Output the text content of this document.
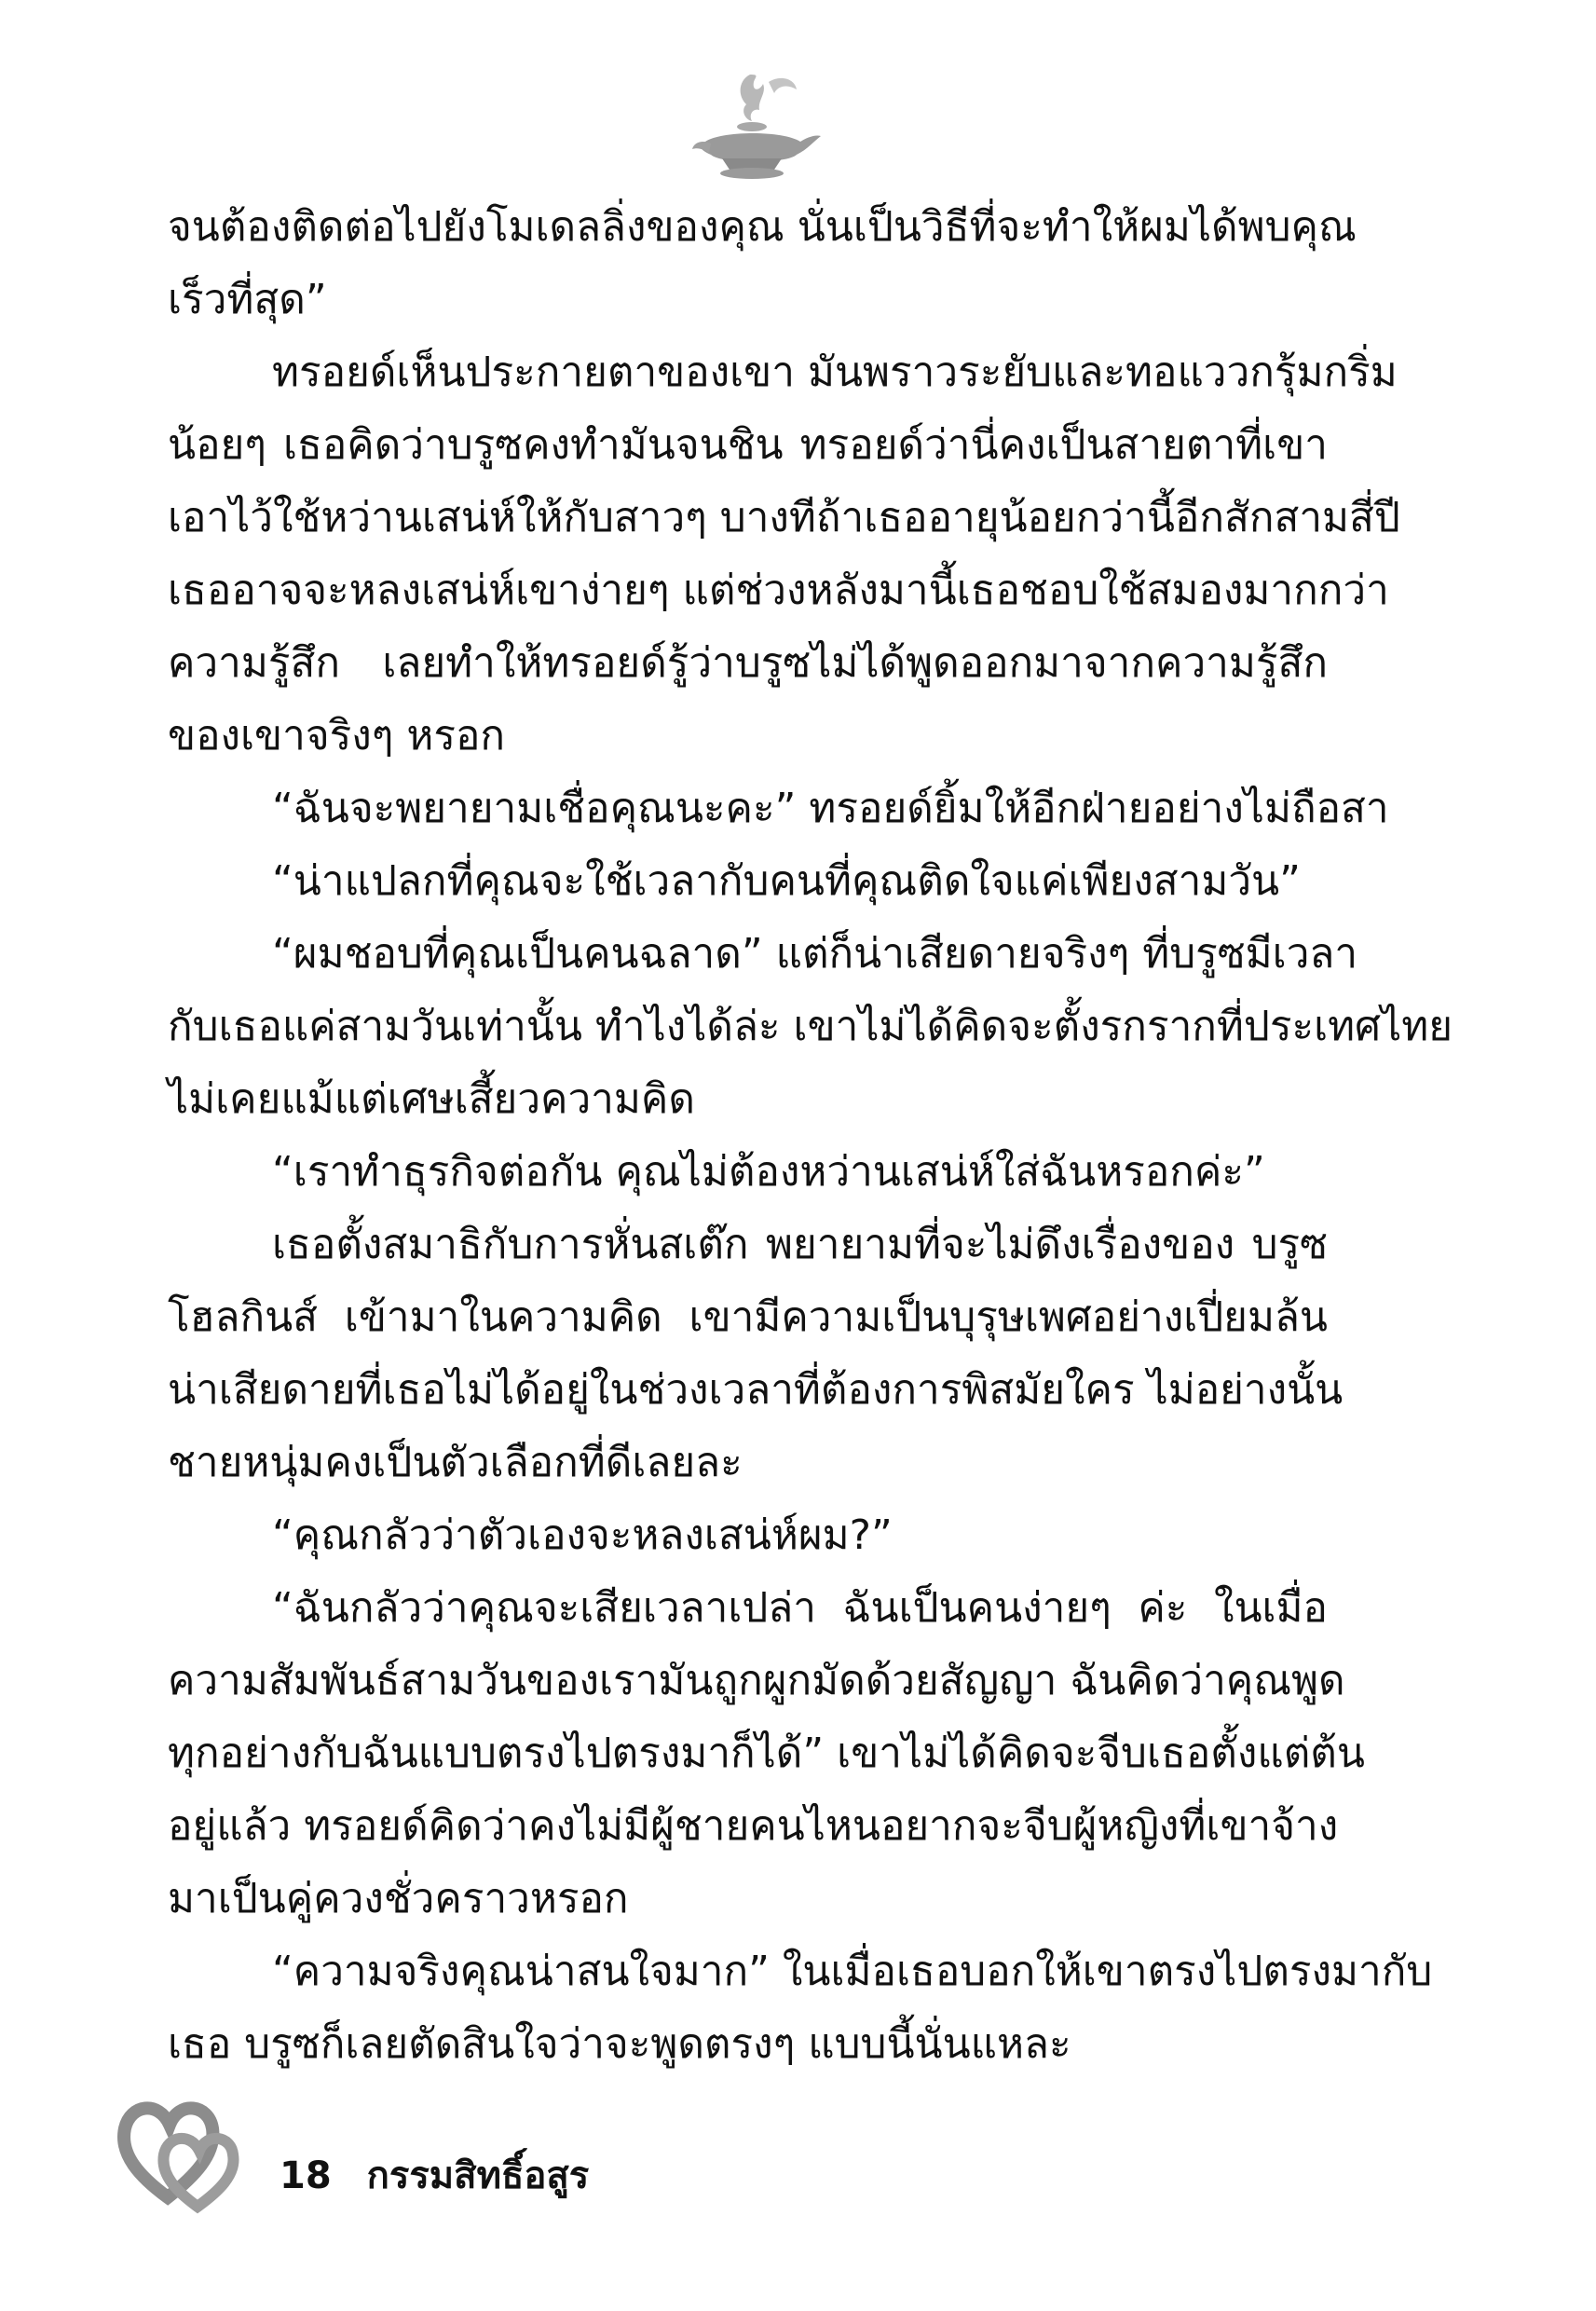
จนต้องติดต่อไปยังโมเดลลิ่งของคุณ นั่นเป็นวิธีที่จะทำให้ผมได้พบคุณ
เร็วที่สุด”
ทรอยด์เห็นประกายตาของเขา มันพราวระยับและทอแววกรุ้มกริ่ม
น้อยๆ เธอคิดว่าบรูซคงทำมันจนชิน ทรอยด์ว่านี่คงเป็นสายตาที่เขา
เอาไว้ใช้หว่านเสน่ห์ให้กับสาวๆ บางทีถ้าเธออายุน้อยกว่านี้อีกสักสามสี่ปี
เธออาจจะหลงเสน่ห์เขาง่ายๆ แต่ช่วงหลังมานี้เธอชอบใช้สมองมากกว่า
ความรู้สึก เลยทำให้ทรอยด์รู้ว่าบรูซไม่ได้พูดออกมาจากความรู้สึก
ของเขาจริงๆ หรอก
“ฉันจะพยายามเชื่อคุณนะคะ” ทรอยด์ยิ้มให้อีกฝ่ายอย่างไม่ถือสา
“น่าแปลกที่คุณจะใช้เวลากับคนที่คุณติดใจแค่เพียงสามวัน”
“ผมชอบที่คุณเป็นคนฉลาด” แต่ก็น่าเสียดายจริงๆ ที่บรูซมีเวลา
กับเธอแค่สามวันเท่านั้น ทำไงได้ล่ะ เขาไม่ได้คิดจะตั้งรกรากที่ประเทศไทย
ไม่เคยแม้แต่เศษเสี้ยวความคิด
“เราทำธุรกิจต่อกัน คุณไม่ต้องหว่านเสน่ห์ใส่ฉันหรอกค่ะ”
เธอตั้งสมาธิกับการหั่นสเต๊ก พยายามที่จะไม่ดึงเรื่องของ บรูซ
โฮลกินส์ เข้ามาในความคิด เขามีความเป็นบุรุษเพศอย่างเปี่ยมล้น
น่าเสียดายที่เธอไม่ได้อยู่ในช่วงเวลาที่ต้องการพิสมัยใคร ไม่อย่างนั้น
ชายหนุ่มคงเป็นตัวเลือกที่ดีเลยละ
“คุณกลัวว่าตัวเองจะหลงเสน่ห์ผม?”
“ฉันกลัวว่าคุณจะเสียเวลาเปล่า ฉันเป็นคนง่ายๆ ค่ะ ในเมื่อ
ความสัมพันธ์สามวันของเรามันถูกผูกมัดด้วยสัญญา ฉันคิดว่าคุณพูด
ทุกอย่างกับฉันแบบตรงไปตรงมาก็ได้” เขาไม่ได้คิดจะจีบเธอตั้งแต่ต้น
อยู่แล้ว ทรอยด์คิดว่าคงไม่มีผู้ชายคนไหนอยากจะจีบผู้หญิงที่เขาจ้าง
มาเป็นคู่ควงชั่วคราวหรอก
“ความจริงคุณน่าสนใจมาก” ในเมื่อเธอบอกให้เขาตรงไปตรงมากับ
เธอ บรูซก็เลยตัดสินใจว่าจะพูดตรงๆ แบบนี้นั่นแหละ
18 กรรมสิทธิ์อสูร
